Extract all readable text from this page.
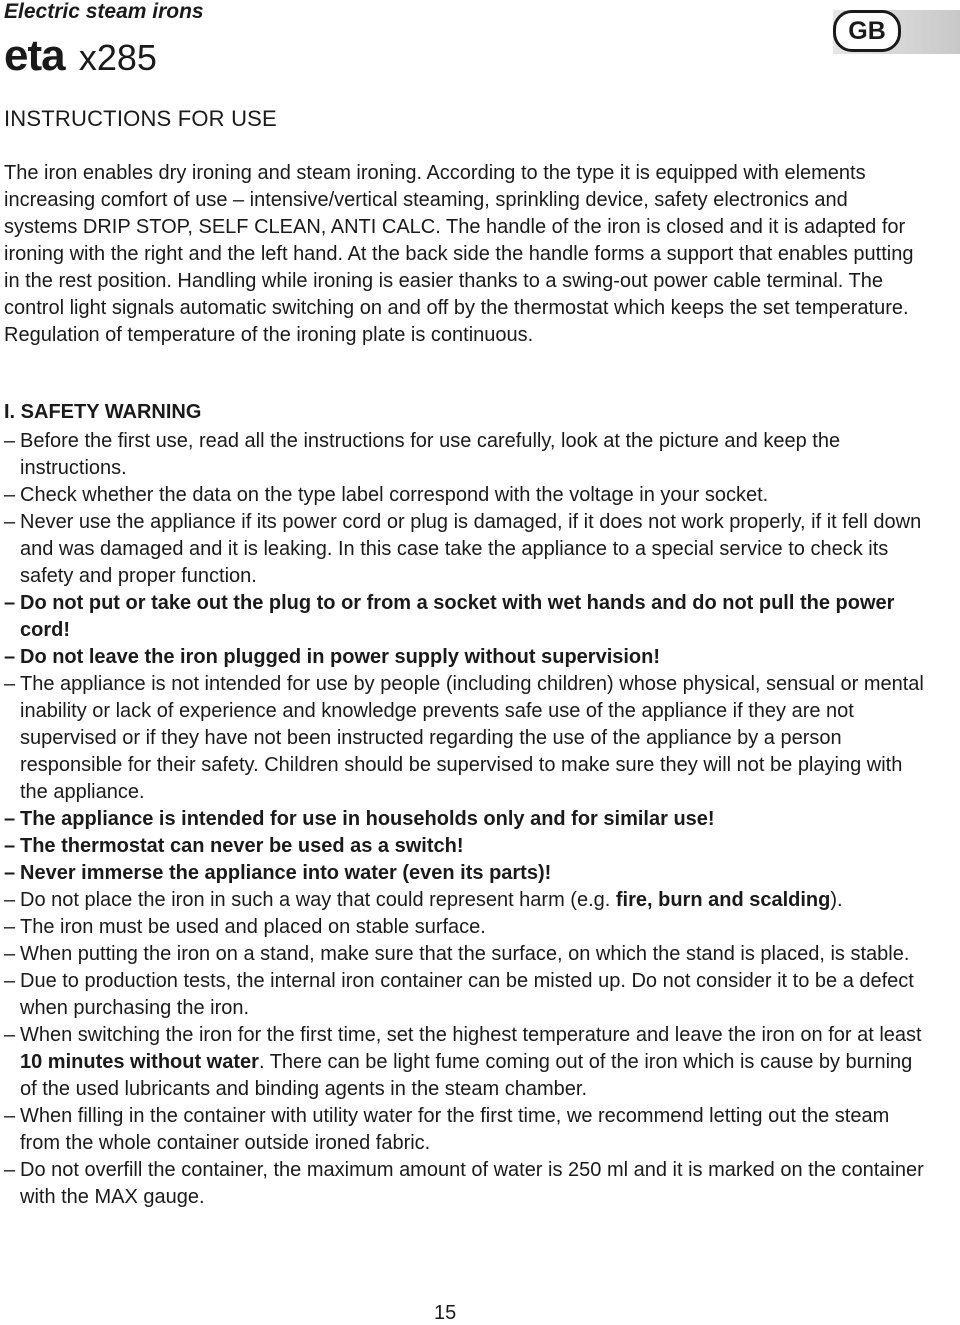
Electric steam irons
eta x285
GB
INSTRUCTIONS FOR USE

The iron enables dry ironing and steam ironing. According to the type it is equipped with elements increasing comfort of use – intensive/vertical steaming, sprinkling device, safety electronics and systems DRIP STOP, SELF CLEAN, ANTI CALC. The handle of the iron is closed and it is adapted for ironing with the right and the left hand. At the back side the handle forms a support that enables putting in the rest position. Handling while ironing is easier thanks to a swing-out power cable terminal. The control light signals automatic switching on and off by the thermostat which keeps the set temperature. Regulation of temperature of the ironing plate is continuous.

I. SAFETY WARNING
– Before the first use, read all the instructions for use carefully, look at the picture and keep the instructions.
– Check whether the data on the type label correspond with the voltage in your socket.
– Never use the appliance if its power cord or plug is damaged, if it does not work properly, if it fell down and was damaged and it is leaking. In this case take the appliance to a special service to check its safety and proper function.
– Do not put or take out the plug to or from a socket with wet hands and do not pull the power cord!
– Do not leave the iron plugged in power supply without supervision!
– The appliance is not intended for use by people (including children) whose physical, sensual or mental inability or lack of experience and knowledge prevents safe use of the appliance if they are not supervised or if they have not been instructed regarding the use of the appliance by a person responsible for their safety. Children should be supervised to make sure they will not be playing with the appliance.
– The appliance is intended for use in households only and for similar use!
– The thermostat can never be used as a switch!
– Never immerse the appliance into water (even its parts)!
– Do not place the iron in such a way that could represent harm (e.g. fire, burn and scalding).
– The iron must be used and placed on stable surface.
– When putting the iron on a stand, make sure that the surface, on which the stand is placed, is stable.
– Due to production tests, the internal iron container can be misted up. Do not consider it to be a defect when purchasing the iron.
– When switching the iron for the first time, set the highest temperature and leave the iron on for at least 10 minutes without water. There can be light fume coming out of the iron which is cause by burning of the used lubricants and binding agents in the steam chamber.
– When filling in the container with utility water for the first time, we recommend letting out the steam from the whole container outside ironed fabric.
– Do not overfill the container, the maximum amount of water is 250 ml and it is marked on the container with the MAX gauge.
15
